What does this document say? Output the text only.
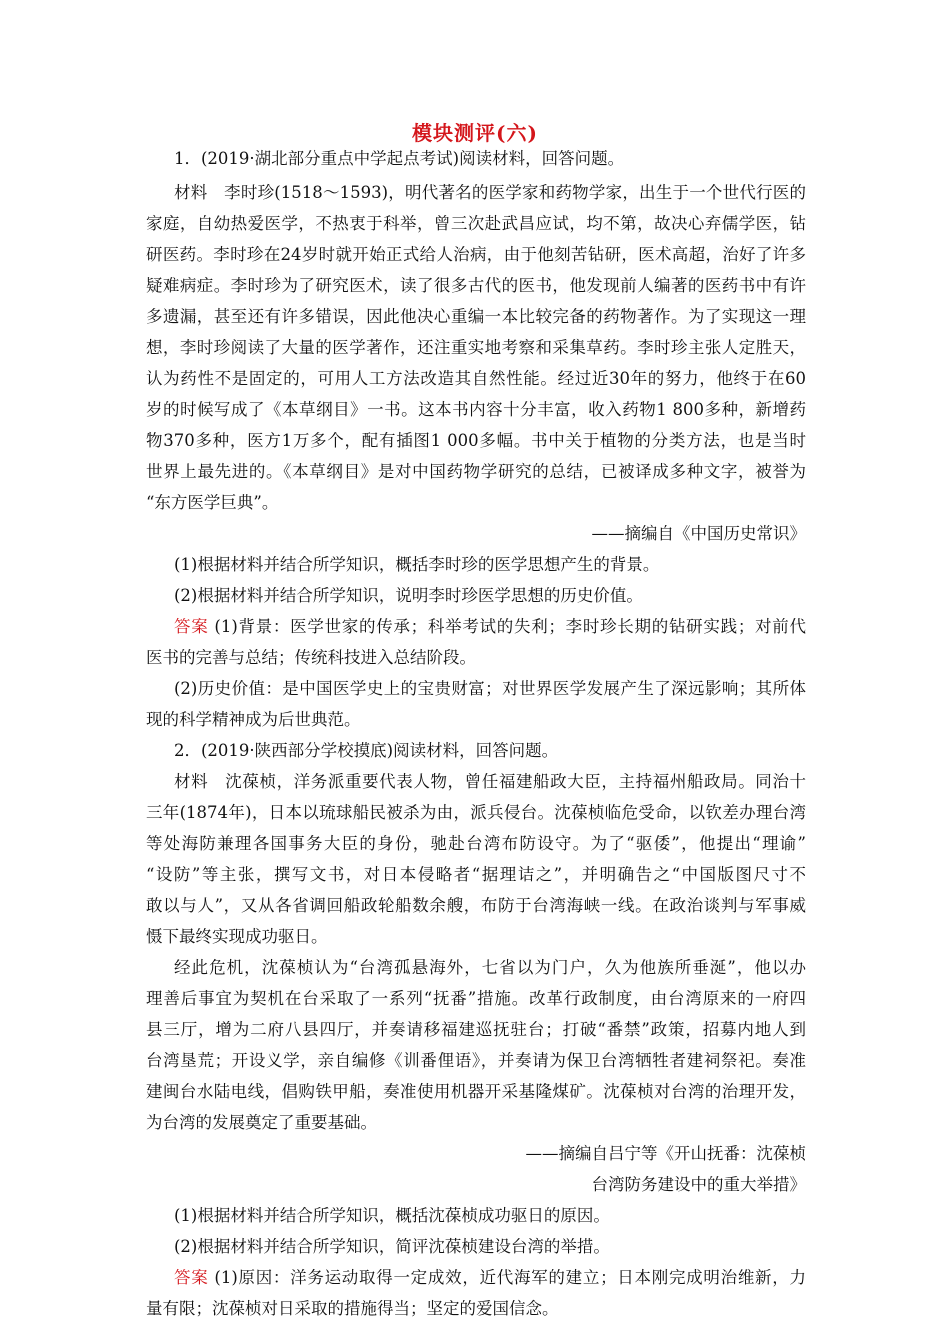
模块测评(六)
1．(2019·湖北部分重点中学起点考试)阅读材料，回答问题。
材料　李时珍(1518～1593)，明代著名的医学家和药物学家，出生于一个世代行医的
家庭，自幼热爱医学，不热衷于科举，曾三次赴武昌应试，均不第，故决心弃儒学医，钻
研医药。李时珍在24岁时就开始正式给人治病，由于他刻苦钻研，医术高超，治好了许多
疑难病症。李时珍为了研究医术，读了很多古代的医书，他发现前人编著的医药书中有许
多遗漏，甚至还有许多错误，因此他决心重编一本比较完备的药物著作。为了实现这一理
想，李时珍阅读了大量的医学著作，还注重实地考察和采集草药。李时珍主张人定胜天，
认为药性不是固定的，可用人工方法改造其自然性能。经过近30年的努力，他终于在60
岁的时候写成了《本草纲目》一书。这本书内容十分丰富，收入药物1 800多种，新增药
物370多种，医方1万多个，配有插图1 000多幅。书中关于植物的分类方法，也是当时
世界上最先进的。《本草纲目》是对中国药物学研究的总结，已被译成多种文字，被誉为
“东方医学巨典”。
——摘编自《中国历史常识》
(1)根据材料并结合所学知识，概括李时珍的医学思想产生的背景。
(2)根据材料并结合所学知识，说明李时珍医学思想的历史价值。
答案 (1)背景：医学世家的传承；科举考试的失利；李时珍长期的钻研实践；对前代
医书的完善与总结；传统科技进入总结阶段。
(2)历史价值：是中国医学史上的宝贵财富；对世界医学发展产生了深远影响；其所体
现的科学精神成为后世典范。
2．(2019·陕西部分学校摸底)阅读材料，回答问题。
材料　沈葆桢，洋务派重要代表人物，曾任福建船政大臣，主持福州船政局。同治十
三年(1874年)，日本以琉球船民被杀为由，派兵侵台。沈葆桢临危受命，以钦差办理台湾
等处海防兼理各国事务大臣的身份，驰赴台湾布防设守。为了“驱倭”，他提出“理谕”
“设防”等主张，撰写文书，对日本侵略者“据理诘之”，并明确告之“中国版图尺寸不
敢以与人”，又从各省调回船政轮船数余艘，布防于台湾海峡一线。在政治谈判与军事威
慑下最终实现成功驱日。
经此危机，沈葆桢认为“台湾孤悬海外，七省以为门户，久为他族所垂涎”，他以办
理善后事宜为契机在台采取了一系列“抚番”措施。改革行政制度，由台湾原来的一府四
县三厅，增为二府八县四厅，并奏请移福建巡抚驻台；打破“番禁”政策，招募内地人到
台湾垦荒；开设义学，亲自编修《训番俚语》，并奏请为保卫台湾牺牲者建祠祭祀。奏准
建闽台水陆电线，倡购铁甲船，奏准使用机器开采基隆煤矿。沈葆桢对台湾的治理开发，
为台湾的发展奠定了重要基础。
——摘编自吕宁等《开山抚番：沈葆桢
台湾防务建设中的重大举措》
(1)根据材料并结合所学知识，概括沈葆桢成功驱日的原因。
(2)根据材料并结合所学知识，简评沈葆桢建设台湾的举措。
答案 (1)原因：洋务运动取得一定成效，近代海军的建立；日本刚完成明治维新，力
量有限；沈葆桢对日采取的措施得当；坚定的爱国信念。
